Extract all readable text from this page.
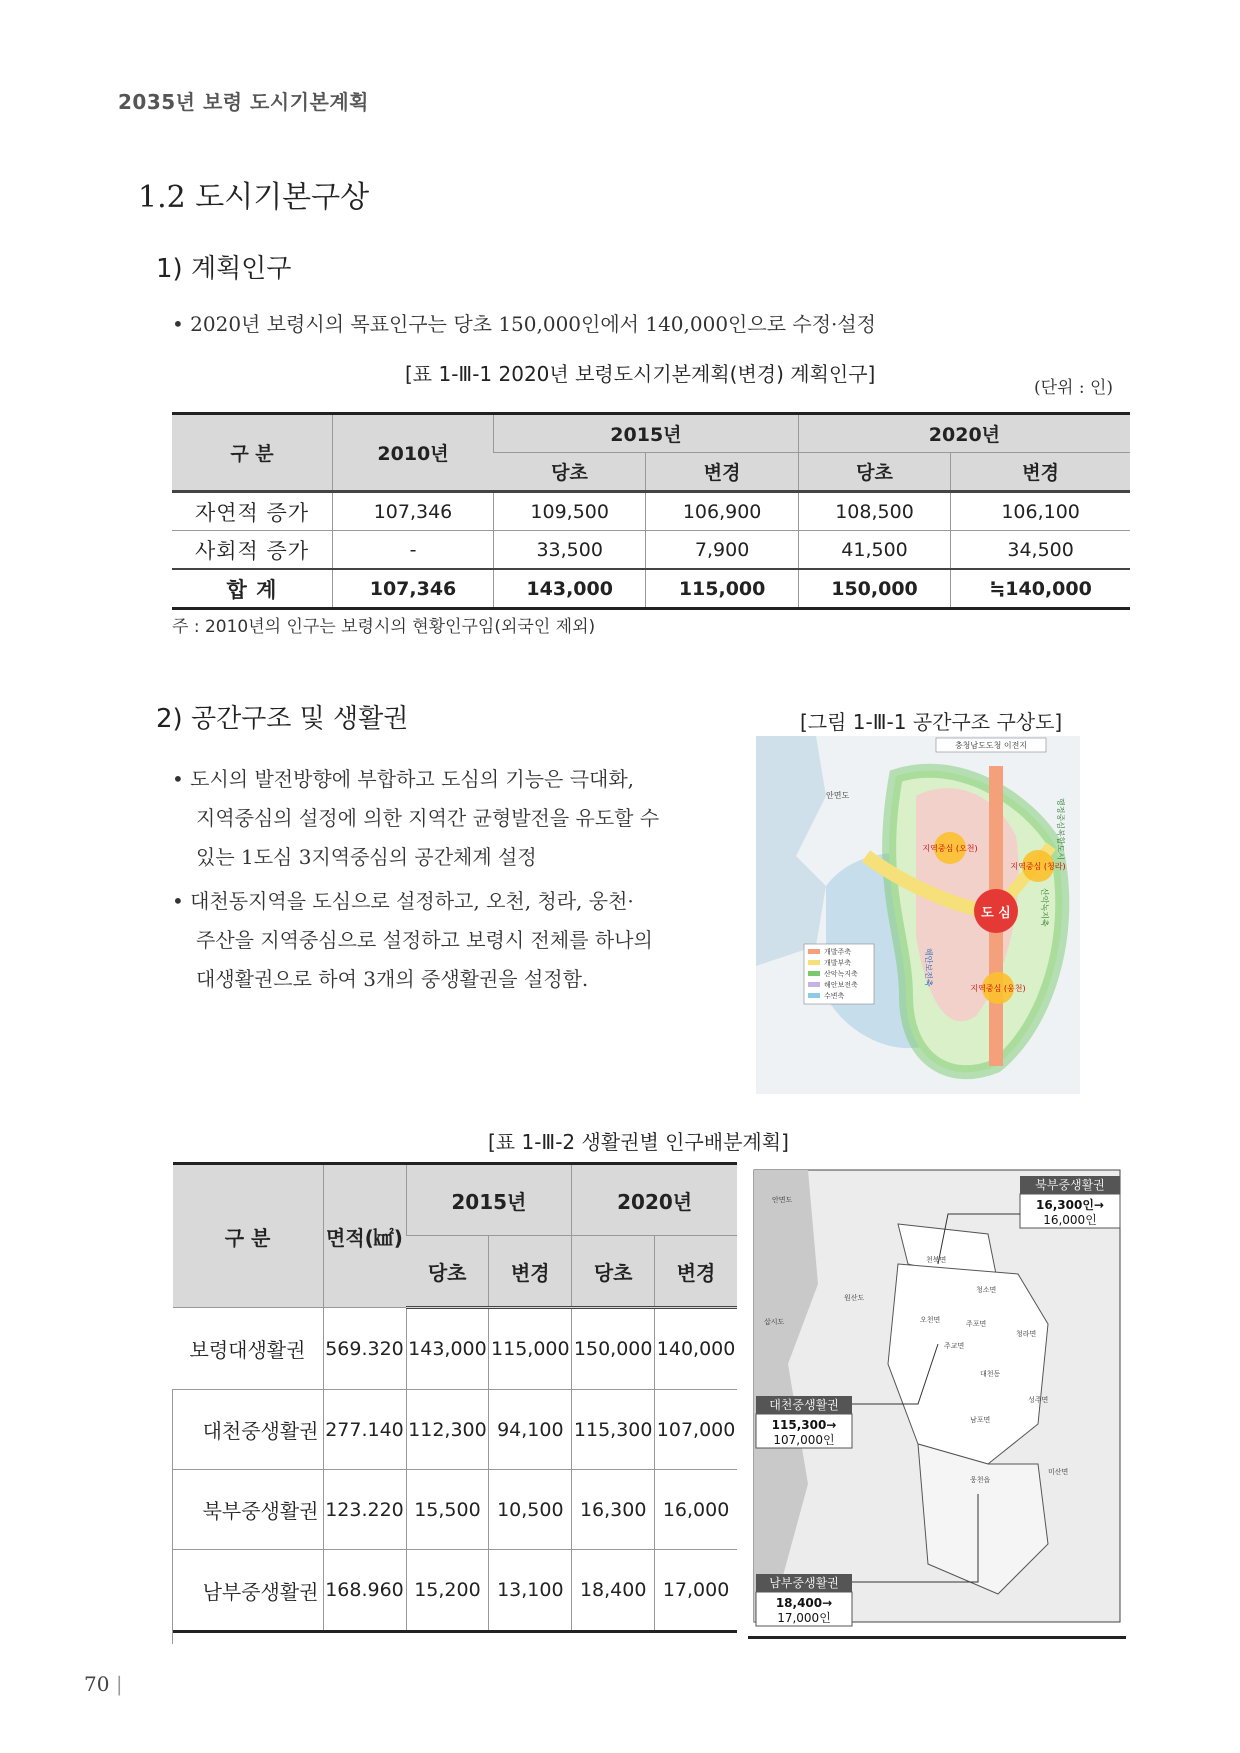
2035년 보령 도시기본계획
1.2 도시기본구상
1) 계획인구
• 2020년 보령시의 목표인구는 당초 150,000인에서 140,000인으로 수정·설정
[표 1-Ⅲ-1 2020년 보령도시기본계획(변경) 계획인구]
(단위 : 인)
구 분	2010년	2015년		2020년	
		당초	변경	당초	변경
자연적 증가	107,346	109,500	106,900	108,500	106,100
사회적 증가	-	33,500	7,900	41,500	34,500
합 계	107,346	143,000	115,000	150,000	≒140,000
주 : 2010년의 인구는 보령시의 현황인구임(외국인 제외)
2) 공간구조 및 생활권	[그림 1-Ⅲ-1 공간구조 구상도]
• 도시의 발전방향에 부합하고 도심의 기능은 극대화,
지역중심의 설정에 의한 지역간 균형발전을 유도할 수
있는 1도심 3지역중심의 공간체계 설정
• 대천동지역을 도심으로 설정하고, 오천, 청라, 웅천·
주산을 지역중심으로 설정하고 보령시 전체를 하나의
대생활권으로 하여 3개의 중생활권을 설정함.
도 심
지역중심 (오천)
지역중심 (청라)
지역중심 (웅천)
충청남도도청 이전지
안면도
행정중심복합도시
산악녹지축
해안보전축
개발주축
개발부축
산악녹지축
해안보전축
수변축
[표 1-Ⅲ-2 생활권별 인구배분계획]
구 분	면적(㎢)	2015년		2020년	
		당초	변경	당초	변경
보령대생활권	569.320	143,000	115,000	150,000	140,000
대천중생활권	277.140	112,300	94,100	115,300	107,000
북부중생활권	123.220	15,500	10,500	16,300	16,000
남부중생활권	168.960	15,200	13,100	18,400	17,000
안면도
천북면
청소면
원산도
오천면	주포면
청라면
삽시도
주교면
대천동
성주면
남포면
미산면
웅천읍
북부중생활권
16,300인→
16,000인
대천중생활권
115,300→
107,000인
남부중생활권
18,400→
17,000인
70 |
